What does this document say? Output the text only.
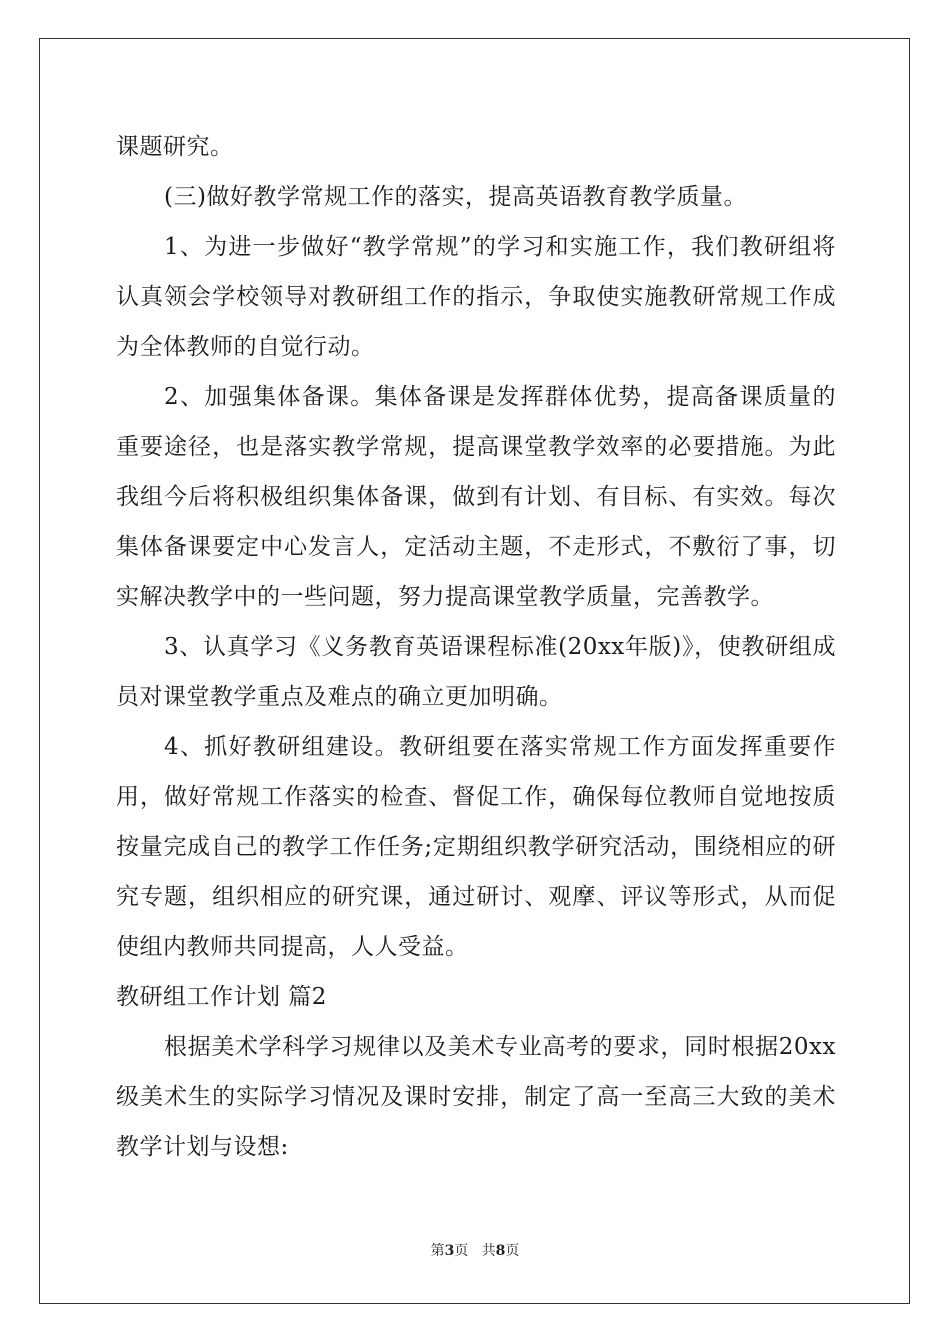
课题研究。

(三)做好教学常规工作的落实，提高英语教育教学质量。

1、为进一步做好“教学常规”的学习和实施工作，我们教研组将认真领会学校领导对教研组工作的指示，争取使实施教研常规工作成为全体教师的自觉行动。

2、加强集体备课。集体备课是发挥群体优势，提高备课质量的重要途径，也是落实教学常规，提高课堂教学效率的必要措施。为此我组今后将积极组织集体备课，做到有计划、有目标、有实效。每次集体备课要定中心发言人，定活动主题，不走形式，不敷衍了事，切实解决教学中的一些问题，努力提高课堂教学质量，完善教学。

3、认真学习《义务教育英语课程标准(20xx年版)》，使教研组成员对课堂教学重点及难点的确立更加明确。

4、抓好教研组建设。教研组要在落实常规工作方面发挥重要作用，做好常规工作落实的检查、督促工作，确保每位教师自觉地按质按量完成自己的教学工作任务;定期组织教学研究活动，围绕相应的研究专题，组织相应的研究课，通过研讨、观摩、评议等形式，从而促使组内教师共同提高，人人受益。

教研组工作计划 篇2

根据美术学科学习规律以及美术专业高考的要求，同时根据20xx级美术生的实际学习情况及课时安排，制定了高一至高三大致的美术教学计划与设想:

第3页 共8页
